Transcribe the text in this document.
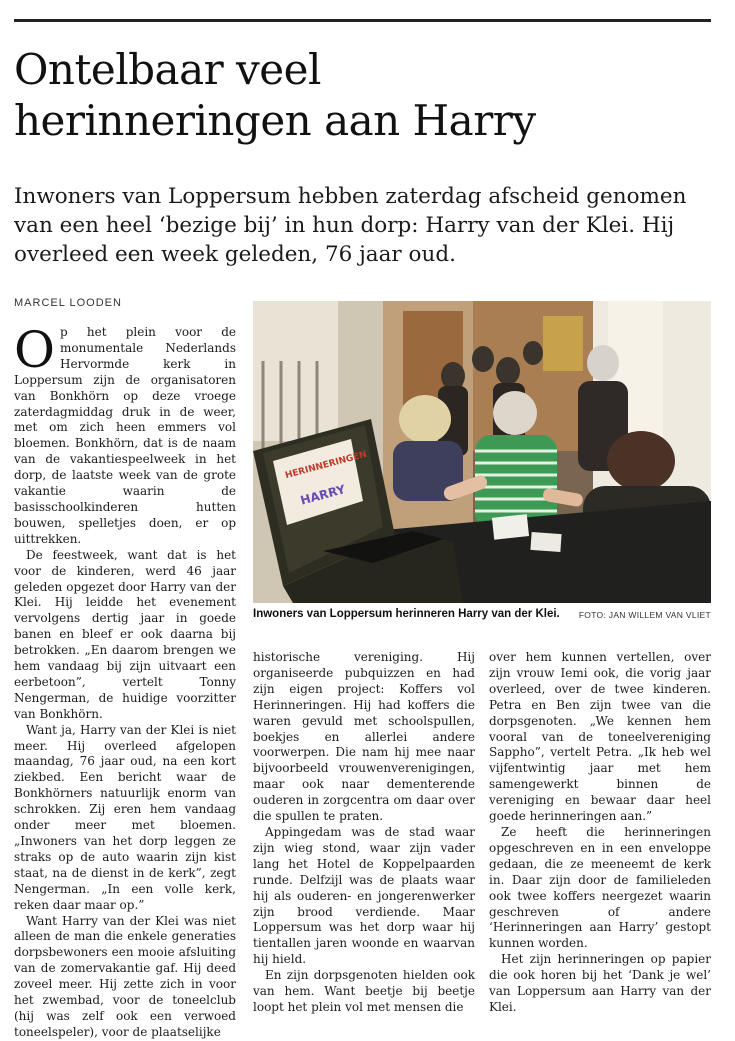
Ontelbaar veel
herinneringen aan Harry

Inwoners van Loppersum hebben zaterdag afscheid genomen van een heel ‘bezige bij’ in hun dorp: Harry van der Klei. Hij overleed een week geleden, 76 jaar oud.

MARCEL LOODEN
HERINNERINGEN
HARRY
Inwoners van Loppersum herinneren Harry van der Klei. FOTO: JAN WILLEM VAN VLIET

Op het plein voor de monumentale Nederlands Hervormde kerk in Loppersum zijn de organisatoren van Bonkhörn op deze vroege zaterdagmiddag druk in de weer, met om zich heen emmers vol bloemen. Bonkhörn, dat is de naam van de vakantiespeelweek in het dorp, de laatste week van de grote vakantie waarin de basisschoolkinderen hutten bouwen, spelletjes doen, er op uittrekken.

De feestweek, want dat is het voor de kinderen, werd 46 jaar geleden opgezet door Harry van der Klei. Hij leidde het evenement vervolgens dertig jaar in goede banen en bleef er ook daarna bij betrokken. „En daarom brengen we hem vandaag bij zijn uitvaart een eerbetoon”, vertelt Tonny Nengerman, de huidige voorzitter van Bonkhörn.

Want ja, Harry van der Klei is niet meer. Hij overleed afgelopen maandag, 76 jaar oud, na een kort ziekbed. Een bericht waar de Bonkhörners natuurlijk enorm van schrokken. Zij eren hem vandaag onder meer met bloemen. „Inwoners van het dorp leggen ze straks op de auto waarin zijn kist staat, na de dienst in de kerk”, zegt Nengerman. „In een volle kerk, reken daar maar op.”

Want Harry van der Klei was niet alleen de man die enkele generaties dorpsbewoners een mooie afsluiting van de zomervakantie gaf. Hij deed zoveel meer. Hij zette zich in voor het zwembad, voor de toneelclub (hij was zelf ook een verwoed toneelspeler), voor de plaatselijke

historische vereniging. Hij organiseerde pubquizzen en had zijn eigen project: Koffers vol Herinneringen. Hij had koffers die waren gevuld met schoolspullen, boekjes en allerlei andere voorwerpen. Die nam hij mee naar bijvoorbeeld vrouwenverenigingen, maar ook naar dementerende ouderen in zorgcentra om daar over die spullen te praten.

Appingedam was de stad waar zijn wieg stond, waar zijn vader lang het Hotel de Koppelpaarden runde. Delfzijl was de plaats waar hij als ouderen- en jongerenwerker zijn brood verdiende. Maar Loppersum was het dorp waar hij tientallen jaren woonde en waarvan hij hield.

En zijn dorpsgenoten hielden ook van hem. Want beetje bij beetje loopt het plein vol met mensen die

over hem kunnen vertellen, over zijn vrouw Iemi ook, die vorig jaar overleed, over de twee kinderen. Petra en Ben zijn twee van die dorpsgenoten. „We kennen hem vooral van de toneelvereniging Sappho”, vertelt Petra. „Ik heb wel vijfentwintig jaar met hem samengewerkt binnen de vereniging en bewaar daar heel goede herinneringen aan.”

Ze heeft die herinneringen opgeschreven en in een enveloppe gedaan, die ze meeneemt de kerk in. Daar zijn door de familieleden ook twee koffers neergezet waarin geschreven of andere ‘Herinneringen aan Harry’ gestopt kunnen worden.

Het zijn herinneringen op papier die ook horen bij het ‘Dank je wel’ van Loppersum aan Harry van der Klei.
